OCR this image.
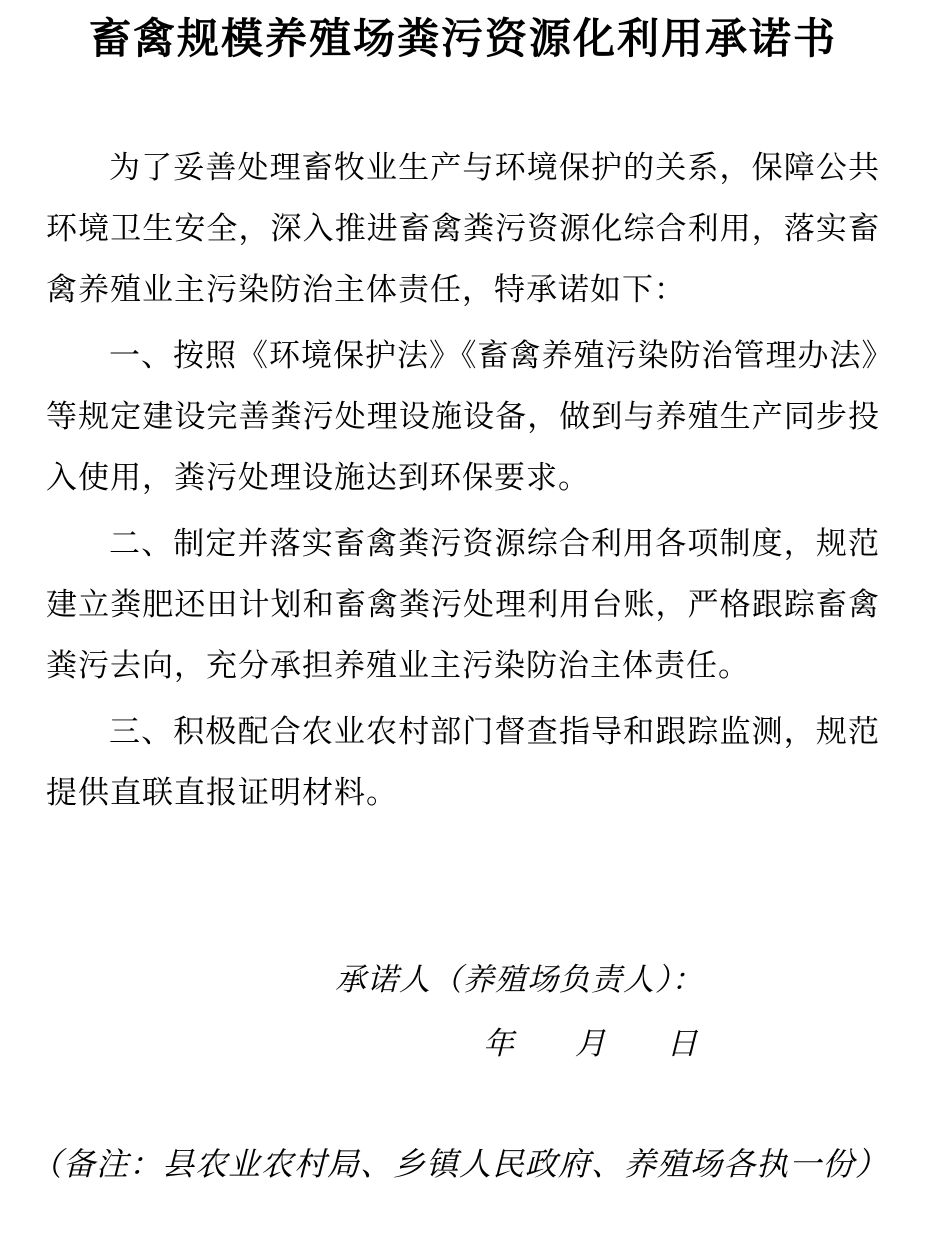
畜禽规模养殖场粪污资源化利用承诺书
为了妥善处理畜牧业生产与环境保护的关系，保障公共
环境卫生安全，深入推进畜禽粪污资源化综合利用，落实畜
禽养殖业主污染防治主体责任，特承诺如下：
一、按照《环境保护法》《畜禽养殖污染防治管理办法》
等规定建设完善粪污处理设施设备，做到与养殖生产同步投
入使用，粪污处理设施达到环保要求。
二、制定并落实畜禽粪污资源综合利用各项制度，规范
建立粪肥还田计划和畜禽粪污处理利用台账，严格跟踪畜禽
粪污去向，充分承担养殖业主污染防治主体责任。
三、积极配合农业农村部门督查指导和跟踪监测，规范
提供直联直报证明材料。
承诺人（养殖场负责人）：
年 月 日
（备注：县农业农村局、乡镇人民政府、养殖场各执一份）
